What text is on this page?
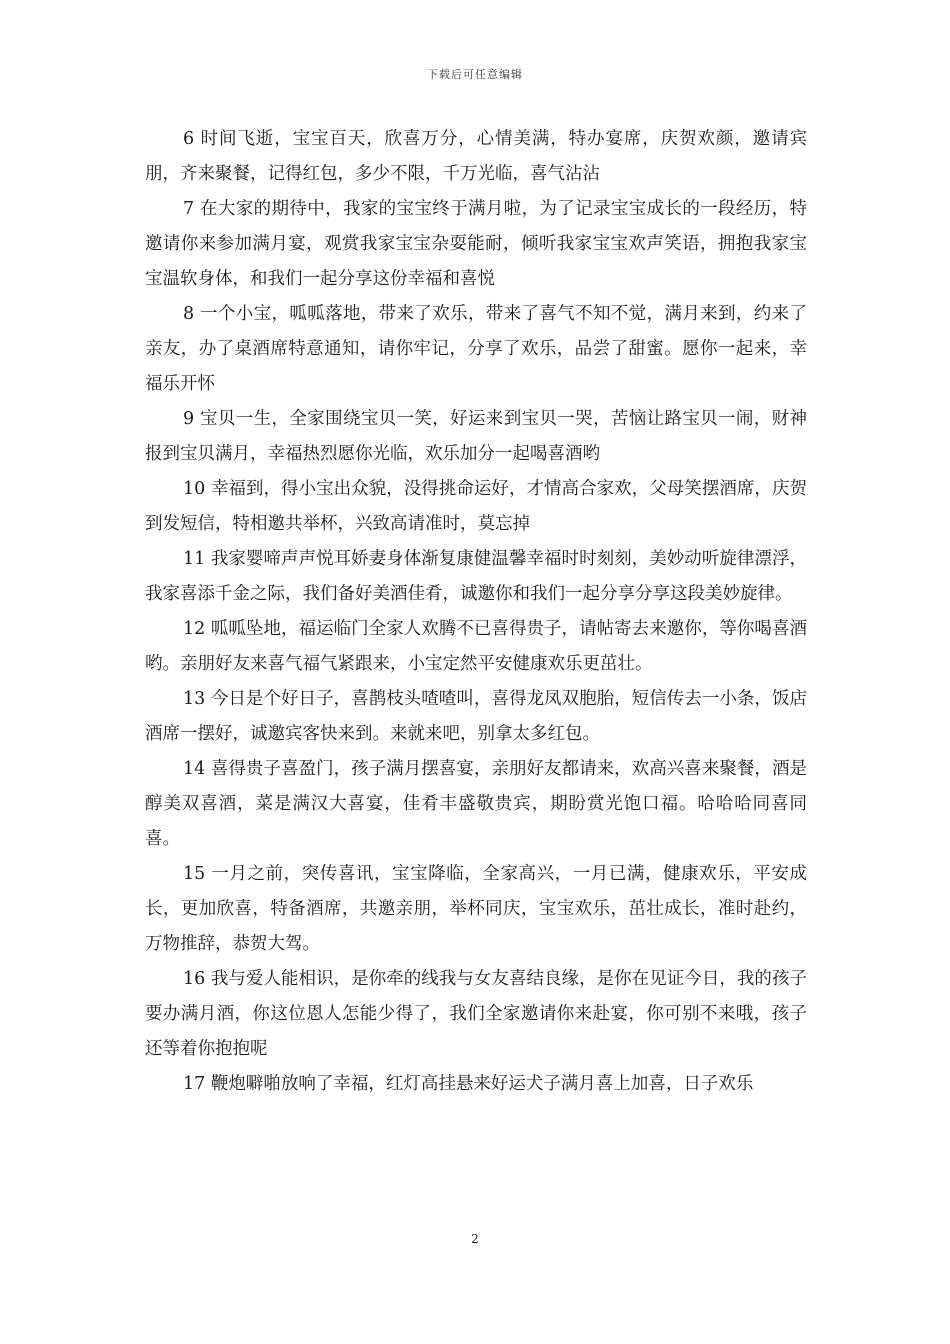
下载后可任意编辑

6 时间飞逝，宝宝百天，欣喜万分，心情美满，特办宴席，庆贺欢颜，邀请宾朋，齐来聚餐，记得红包，多少不限，千万光临，喜气沾沾

7 在大家的期待中，我家的宝宝终于满月啦，为了记录宝宝成长的一段经历，特邀请你来参加满月宴，观赏我家宝宝杂耍能耐，倾听我家宝宝欢声笑语，拥抱我家宝宝温软身体，和我们一起分享这份幸福和喜悦

8 一个小宝，呱呱落地，带来了欢乐，带来了喜气不知不觉，满月来到，约来了亲友，办了桌酒席特意通知，请你牢记，分享了欢乐，品尝了甜蜜。愿你一起来，幸福乐开怀

9 宝贝一生，全家围绕宝贝一笑，好运来到宝贝一哭，苦恼让路宝贝一闹，财神报到宝贝满月，幸福热烈愿你光临，欢乐加分一起喝喜酒哟

10 幸福到，得小宝出众貌，没得挑命运好，才情高合家欢，父母笑摆酒席，庆贺到发短信，特相邀共举杯，兴致高请准时，莫忘掉

11 我家婴啼声声悦耳娇妻身体渐复康健温馨幸福时时刻刻，美妙动听旋律漂浮，我家喜添千金之际，我们备好美酒佳肴，诚邀你和我们一起分享分享这段美妙旋律。

12 呱呱坠地，福运临门全家人欢腾不已喜得贵子，请帖寄去来邀你，等你喝喜酒哟。亲朋好友来喜气福气紧跟来，小宝定然平安健康欢乐更茁壮。

13 今日是个好日子，喜鹊枝头喳喳叫，喜得龙凤双胞胎，短信传去一小条，饭店酒席一摆好，诚邀宾客快来到。来就来吧，别拿太多红包。

14 喜得贵子喜盈门，孩子满月摆喜宴，亲朋好友都请来，欢高兴喜来聚餐，酒是醇美双喜酒，菜是满汉大喜宴，佳肴丰盛敬贵宾，期盼赏光饱口福。哈哈哈同喜同喜。

15 一月之前，突传喜讯，宝宝降临，全家高兴，一月已满，健康欢乐，平安成长，更加欣喜，特备酒席，共邀亲朋，举杯同庆，宝宝欢乐，茁壮成长，准时赴约，万物推辞，恭贺大驾。

16 我与爱人能相识，是你牵的线我与女友喜结良缘，是你在见证今日，我的孩子要办满月酒，你这位恩人怎能少得了，我们全家邀请你来赴宴，你可别不来哦，孩子还等着你抱抱呢

17 鞭炮噼啪放响了幸福，红灯高挂悬来好运犬子满月喜上加喜，日子欢乐

2
